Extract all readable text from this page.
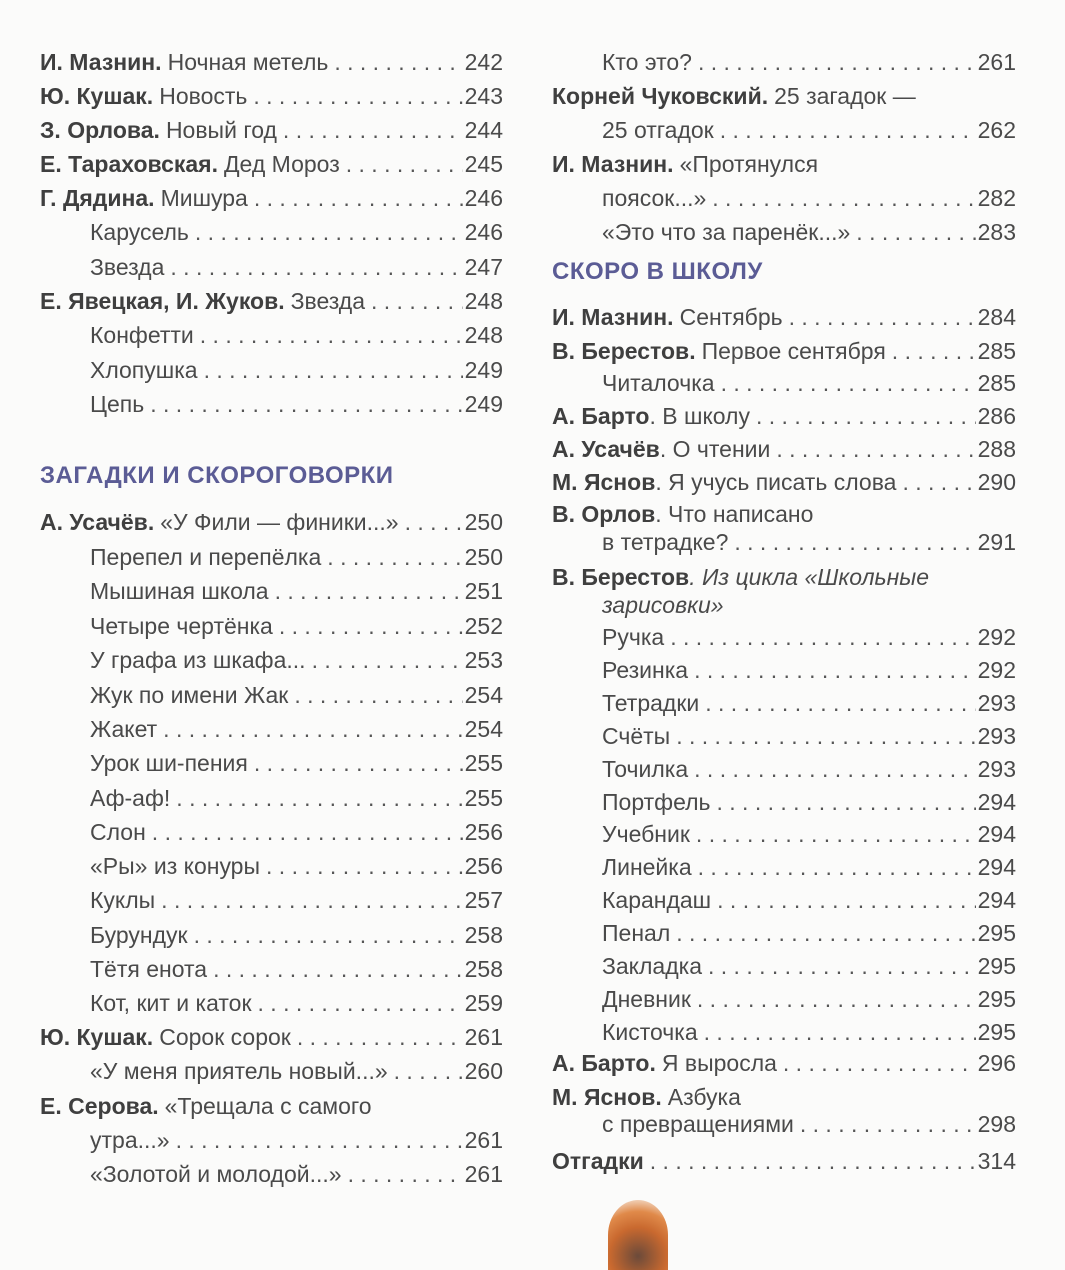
И. Мазнин. Ночная метель . . .	242
Ю. Кушак. Новость . . .	243
З. Орлова. Новый год . . .	244
Е. Тараховская. Дед Мороз . . .	245
Г. Дядина. Мишура . . .	246
Карусель . . .	246
Звезда . . .	247
Е. Явецкая, И. Жуков. Звезда . . .	248
Конфетти . . .	248
Хлопушка . . .	249
Цепь . . .	249
ЗАГАДКИ И СКОРОГОВОРКИ
А. Усачёв. «У Фили — финики...» . . .	250
Перепел и перепёлка . . .	250
Мышиная школа . . .	251
Четыре чертёнка . . .	252
У графа из шкафа... . . .	253
Жук по имени Жак . . .	254
Жакет . . .	254
Урок ши-пения . . .	255
Аф-аф! . . .	255
Слон . . .	256
«Ры» из конуры . . .	256
Куклы . . .	257
Бурундук . . .	258
Тётя енота . . .	258
Кот, кит и каток . . .	259
Ю. Кушак. Сорок сорок . . .	261
«У меня приятель новый...» . . .	260
Е. Серова. «Трещала с самого
утра...» . . .	261
«Золотой и молодой...» . . .	261
Кто это? . . .	261
Корней Чуковский. 25 загадок —
25 отгадок . . .	262
И. Мазнин. «Протянулся
поясок...» . . .	282
«Это что за паренёк...» . . .	283
СКОРО В ШКОЛУ
И. Мазнин. Сентябрь . . .	284
В. Берестов. Первое сентября . . .	285
Читалочка . . .	285
А. Барто . В школу . . .	286
А. Усачёв . О чтении . . .	288
М. Яснов . Я учусь писать слова . . .	290
В. Орлов . Что написано
в тетрадке? . . .	291
В. Берестов . Из цикла «Школьные
зарисовки»
Ручка . . .	292
Резинка . . .	292
Тетрадки . . .	293
Счёты . . .	293
Точилка . . .	293
Портфель . . .	294
Учебник . . .	294
Линейка . . .	294
Карандаш . . .	294
Пенал . . .	295
Закладка . . .	295
Дневник . . .	295
Кисточка . . .	295
А. Барто. Я выросла . . .	296
М. Яснов. Азбука
с превращениями . . .	298
Отгадки . . .	314
